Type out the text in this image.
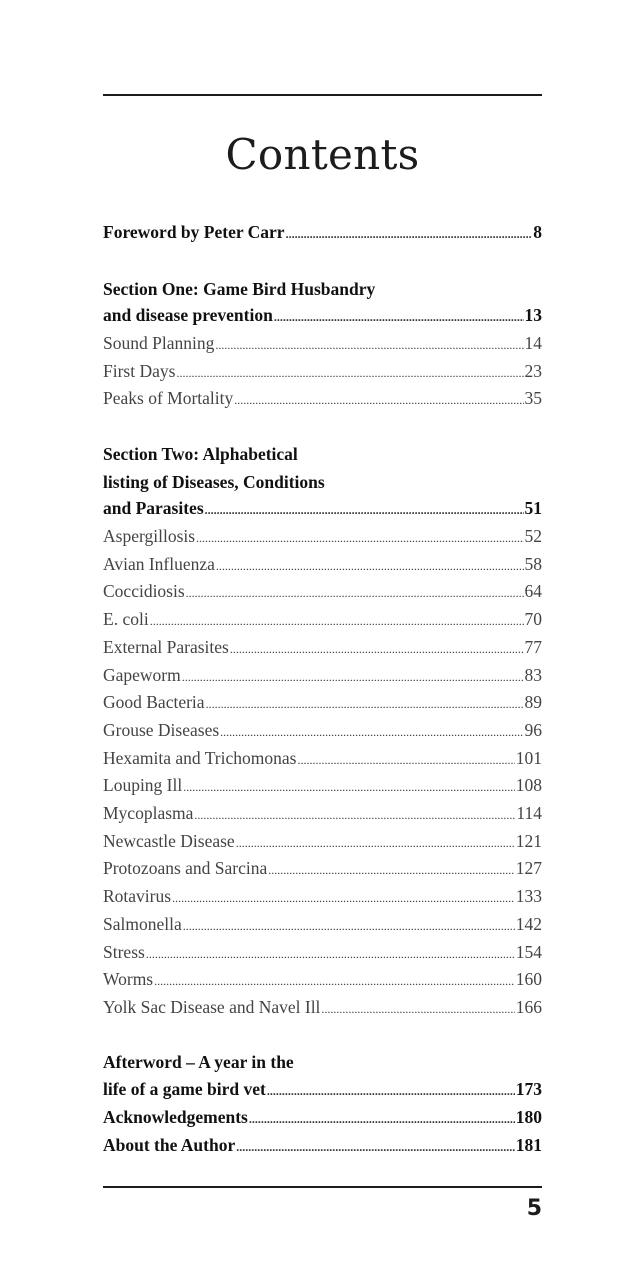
Contents
Foreword by Peter Carr .....	8
Section One: Game Bird Husbandry
and disease prevention .....	13
Sound Planning .....	14
First Days .....	23
Peaks of Mortality .....	35
Section Two: Alphabetical
listing of Diseases, Conditions
and Parasites .....	51
Aspergillosis .....	52
Avian Influenza .....	58
Coccidiosis .....	64
E. coli .....	70
External Parasites .....	77
Gapeworm .....	83
Good Bacteria .....	89
Grouse Diseases .....	96
Hexamita and Trichomonas .....	101
Louping Ill .....	108
Mycoplasma .....	114
Newcastle Disease .....	121
Protozoans and Sarcina .....	127
Rotavirus .....	133
Salmonella .....	142
Stress .....	154
Worms .....	160
Yolk Sac Disease and Navel Ill .....	166
Afterword – A year in the
life of a game bird vet .....	173
Acknowledgements .....	180
About the Author .....	181
5
